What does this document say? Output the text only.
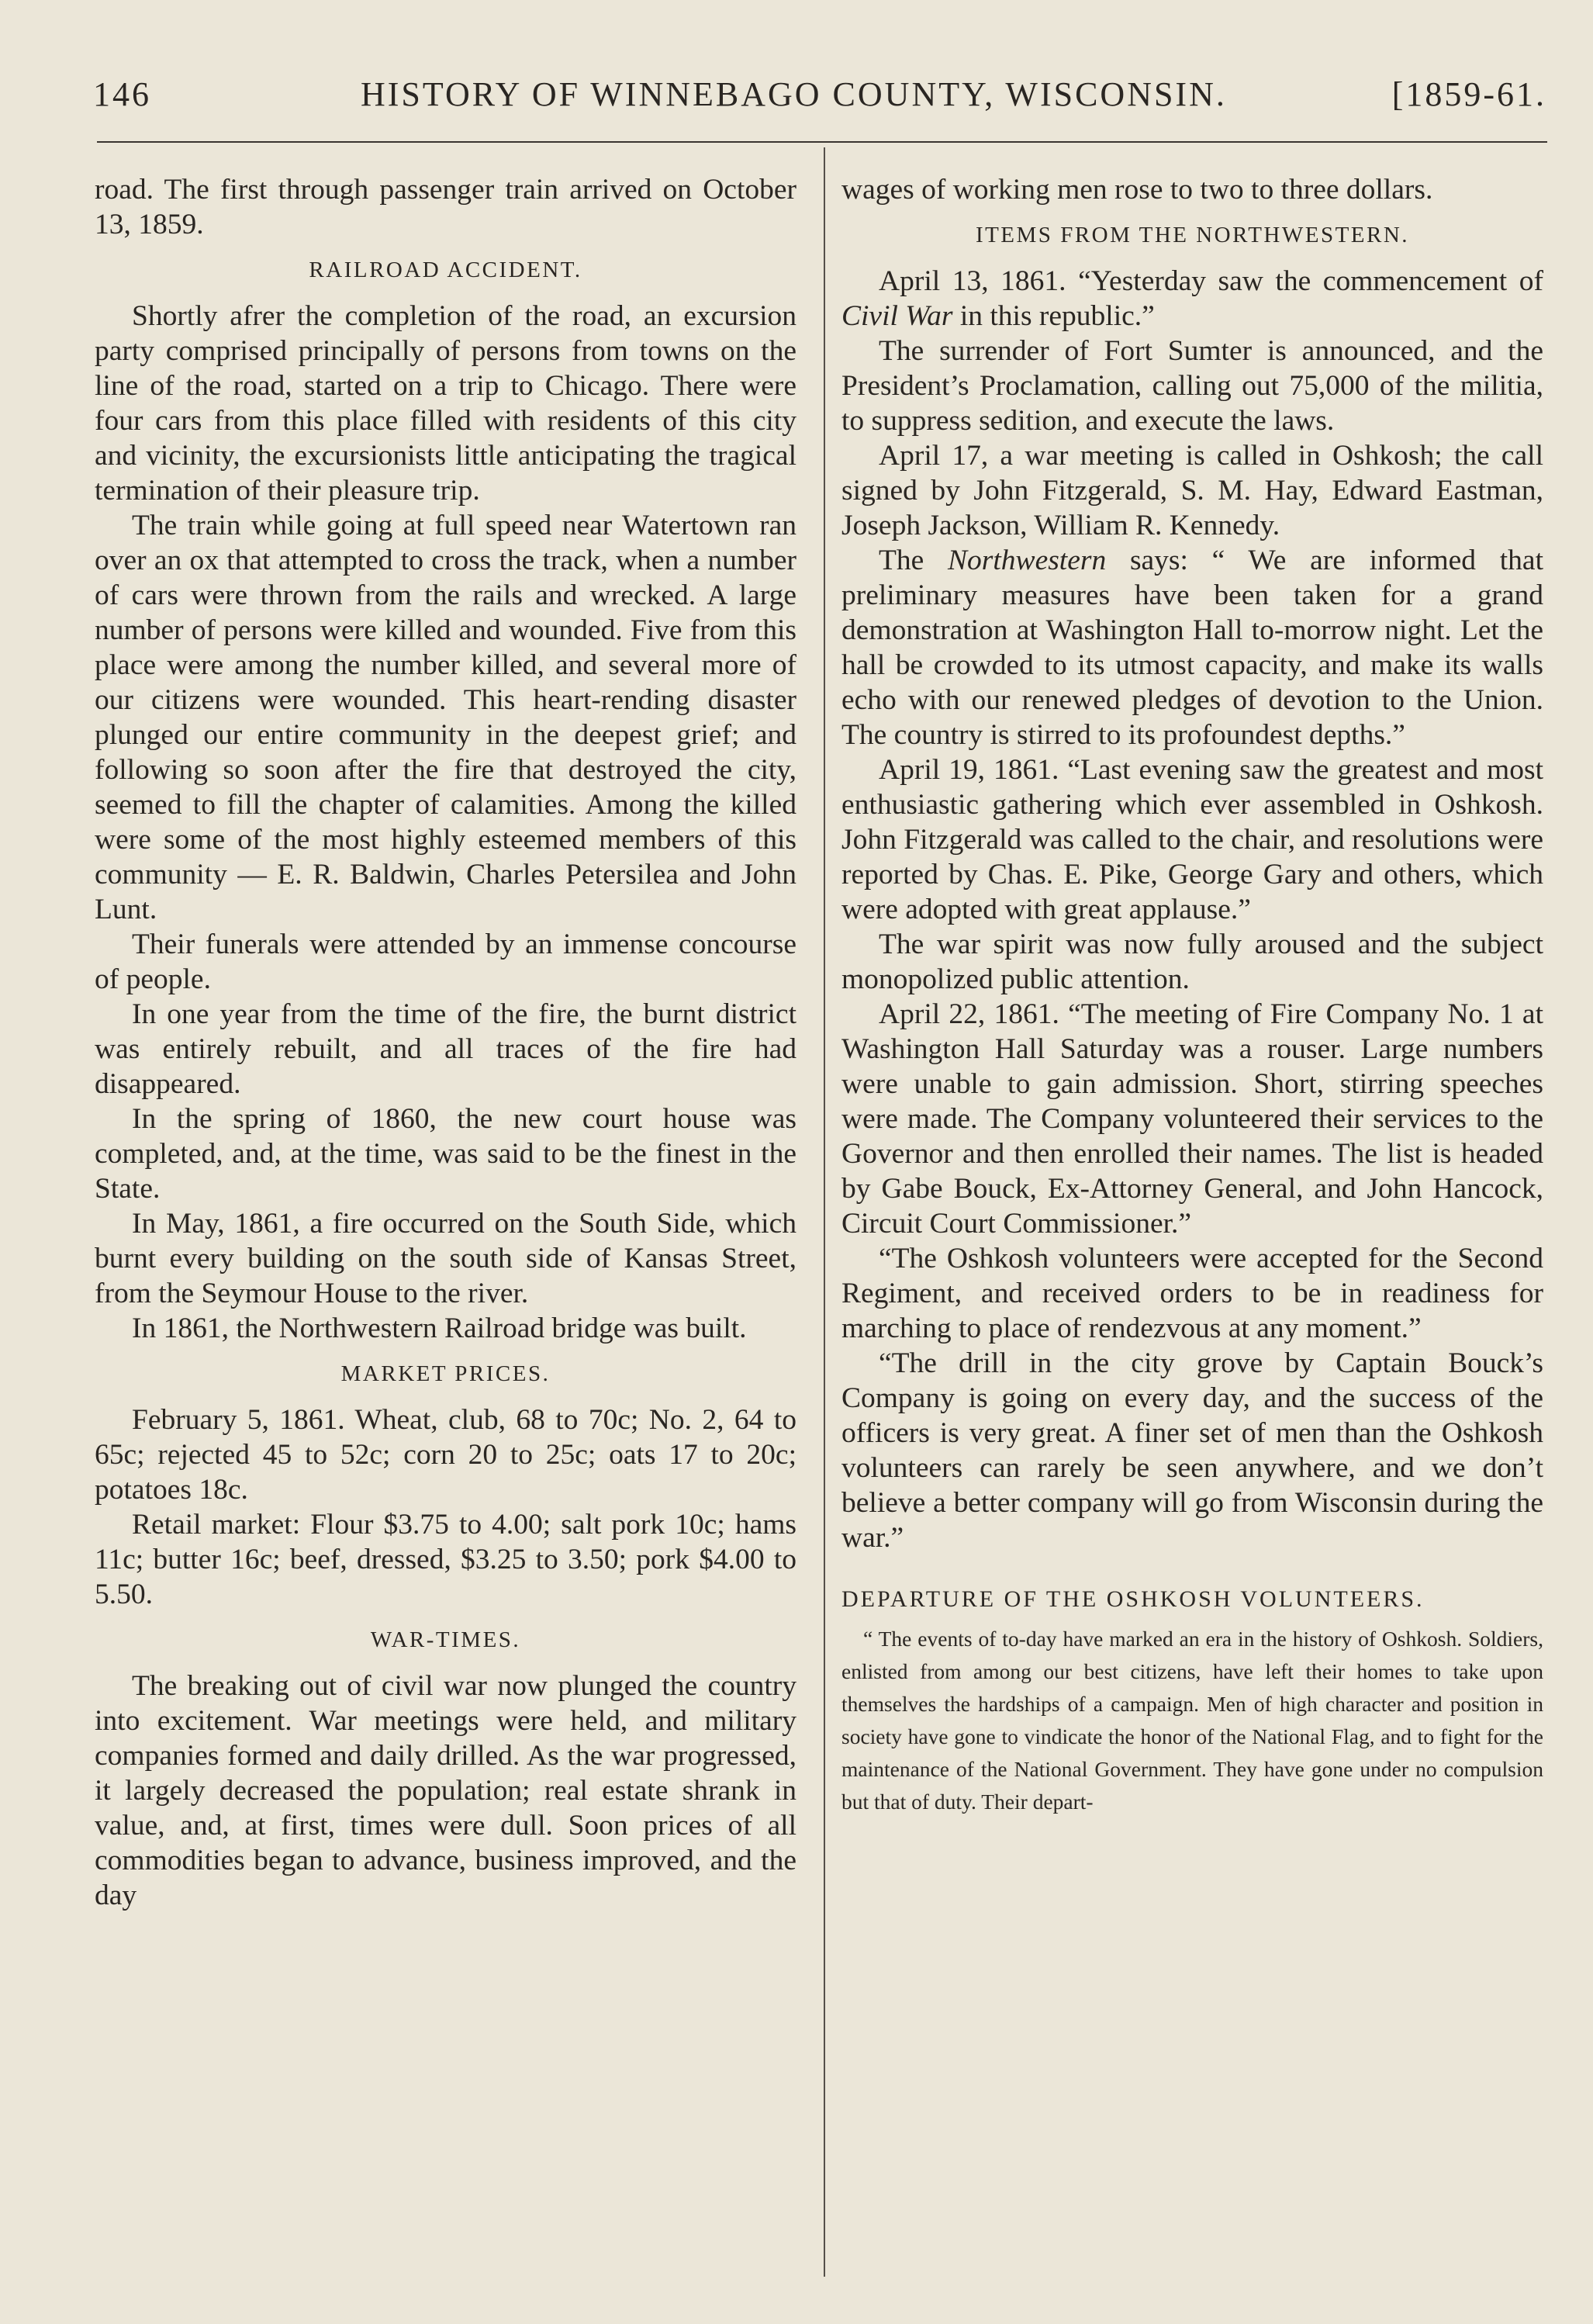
146	HISTORY OF WINNEBAGO COUNTY, WISCONSIN.	[1859-61.

road. The first through passenger train arrived on October 13, 1859.

RAILROAD ACCIDENT.

Shortly afrer the completion of the road, an excursion party comprised principally of persons from towns on the line of the road, started on a trip to Chicago. There were four cars from this place filled with residents of this city and vicinity, the excursionists little anticipating the tragical termination of their pleasure trip.

The train while going at full speed near Watertown ran over an ox that attempted to cross the track, when a number of cars were thrown from the rails and wrecked. A large number of persons were killed and wounded. Five from this place were among the number killed, and several more of our citizens were wounded. This heart-rending disaster plunged our entire community in the deepest grief; and following so soon after the fire that destroyed the city, seemed to fill the chapter of calamities. Among the killed were some of the most highly esteemed members of this community — E. R. Baldwin, Charles Petersilea and John Lunt.

Their funerals were attended by an immense concourse of people.

In one year from the time of the fire, the burnt district was entirely rebuilt, and all traces of the fire had disappeared.

In the spring of 1860, the new court house was completed, and, at the time, was said to be the finest in the State.

In May, 1861, a fire occurred on the South Side, which burnt every building on the south side of Kansas Street, from the Seymour House to the river.

In 1861, the Northwestern Railroad bridge was built.

MARKET PRICES.

February 5, 1861. Wheat, club, 68 to 70c; No. 2, 64 to 65c; rejected 45 to 52c; corn 20 to 25c; oats 17 to 20c; potatoes 18c.

Retail market: Flour $3.75 to 4.00; salt pork 10c; hams 11c; butter 16c; beef, dressed, $3.25 to 3.50; pork $4.00 to 5.50.

WAR-TIMES.

The breaking out of civil war now plunged the country into excitement. War meetings were held, and military companies formed and daily drilled. As the war progressed, it largely decreased the population; real estate shrank in value, and, at first, times were dull. Soon prices of all commodities began to advance, business improved, and the day

wages of working men rose to two to three dollars.

ITEMS FROM THE NORTHWESTERN.

April 13, 1861. “Yesterday saw the commencement of Civil War in this republic.”

The surrender of Fort Sumter is announced, and the President’s Proclamation, calling out 75,000 of the militia, to suppress sedition, and execute the laws.

April 17, a war meeting is called in Oshkosh; the call signed by John Fitzgerald, S. M. Hay, Edward Eastman, Joseph Jackson, William R. Kennedy.

The Northwestern says: “ We are informed that preliminary measures have been taken for a grand demonstration at Washington Hall to-morrow night. Let the hall be crowded to its utmost capacity, and make its walls echo with our renewed pledges of devotion to the Union. The country is stirred to its profoundest depths.”

April 19, 1861. “Last evening saw the greatest and most enthusiastic gathering which ever assembled in Oshkosh. John Fitzgerald was called to the chair, and resolutions were reported by Chas. E. Pike, George Gary and others, which were adopted with great applause.”

The war spirit was now fully aroused and the subject monopolized public attention.

April 22, 1861. “The meeting of Fire Company No. 1 at Washington Hall Saturday was a rouser. Large numbers were unable to gain admission. Short, stirring speeches were made. The Company volunteered their services to the Governor and then enrolled their names. The list is headed by Gabe Bouck, Ex-Attorney General, and John Hancock, Circuit Court Commissioner.”

“The Oshkosh volunteers were accepted for the Second Regiment, and received orders to be in readiness for marching to place of rendezvous at any moment.”

“The drill in the city grove by Captain Bouck’s Company is going on every day, and the success of the officers is very great. A finer set of men than the Oshkosh volunteers can rarely be seen anywhere, and we don’t believe a better company will go from Wisconsin during the war.”

DEPARTURE OF THE OSHKOSH VOLUNTEERS.

“ The events of to-day have marked an era in the history of Oshkosh. Soldiers, enlisted from among our best citizens, have left their homes to take upon themselves the hardships of a campaign. Men of high character and position in society have gone to vindicate the honor of the National Flag, and to fight for the maintenance of the National Government. They have gone under no compulsion but that of duty. Their depart-
